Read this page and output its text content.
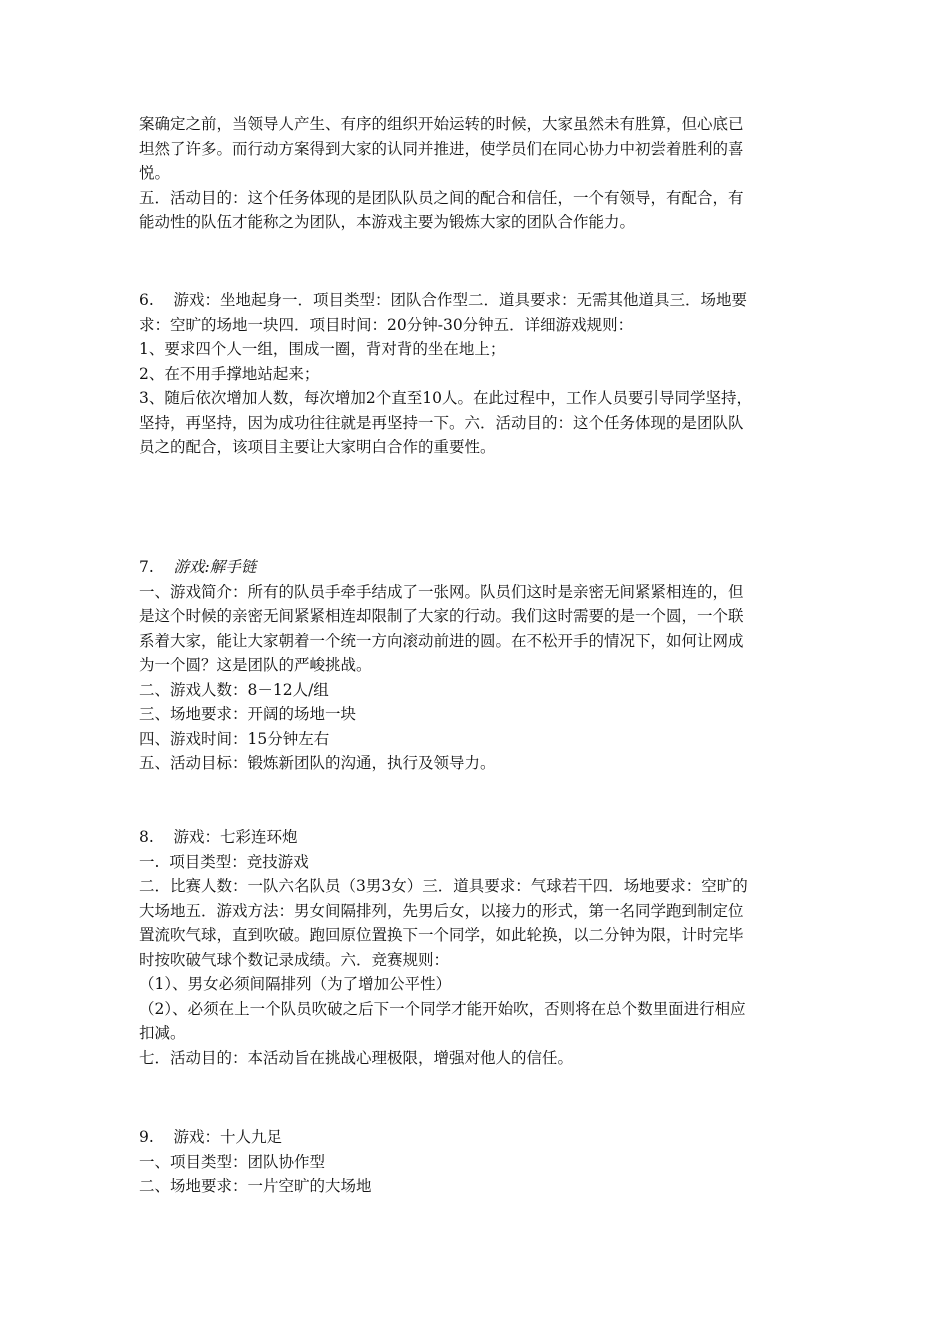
案确定之前，当领导人产生、有序的组织开始运转的时候，大家虽然未有胜算，但心底已
坦然了许多。而行动方案得到大家的认同并推进，使学员们在同心协力中初尝着胜利的喜
悦。
五．活动目的：这个任务体现的是团队队员之间的配合和信任，一个有领导，有配合，有
能动性的队伍才能称之为团队，本游戏主要为锻炼大家的团队合作能力。
6.    游戏：坐地起身一．项目类型：团队合作型二．道具要求：无需其他道具三．场地要
求：空旷的场地一块四．项目时间：20分钟-30分钟五．详细游戏规则：
1、要求四个人一组，围成一圈，背对背的坐在地上；
2、在不用手撑地站起来；
3、随后依次增加人数，每次增加2个直至10人。在此过程中，工作人员要引导同学坚持，
坚持，再坚持，因为成功往往就是再坚持一下。六．活动目的：这个任务体现的是团队队
员之的配合，该项目主要让大家明白合作的重要性。
7.    游戏:解手链
一、游戏简介：所有的队员手牵手结成了一张网。队员们这时是亲密无间紧紧相连的，但
是这个时候的亲密无间紧紧相连却限制了大家的行动。我们这时需要的是一个圆，一个联
系着大家，能让大家朝着一个统一方向滚动前进的圆。在不松开手的情况下，如何让网成
为一个圆？这是团队的严峻挑战。
二、游戏人数：8－12人/组
三、场地要求：开阔的场地一块
四、游戏时间：15分钟左右
五、活动目标：锻炼新团队的沟通，执行及领导力。
8.    游戏：七彩连环炮
一.  项目类型：竞技游戏
二．比赛人数：一队六名队员（3男3女）三．道具要求：气球若干四．场地要求：空旷的
大场地五．游戏方法：男女间隔排列，先男后女，以接力的形式，第一名同学跑到制定位
置流吹气球，直到吹破。跑回原位置换下一个同学，如此轮换，以二分钟为限，计时完毕
时按吹破气球个数记录成绩。六．竞赛规则：
（1）、男女必须间隔排列（为了增加公平性）
（2）、必须在上一个队员吹破之后下一个同学才能开始吹，否则将在总个数里面进行相应
扣减。
七．活动目的：本活动旨在挑战心理极限，增强对他人的信任。
9.    游戏：十人九足
一、项目类型：团队协作型
二、场地要求：一片空旷的大场地
